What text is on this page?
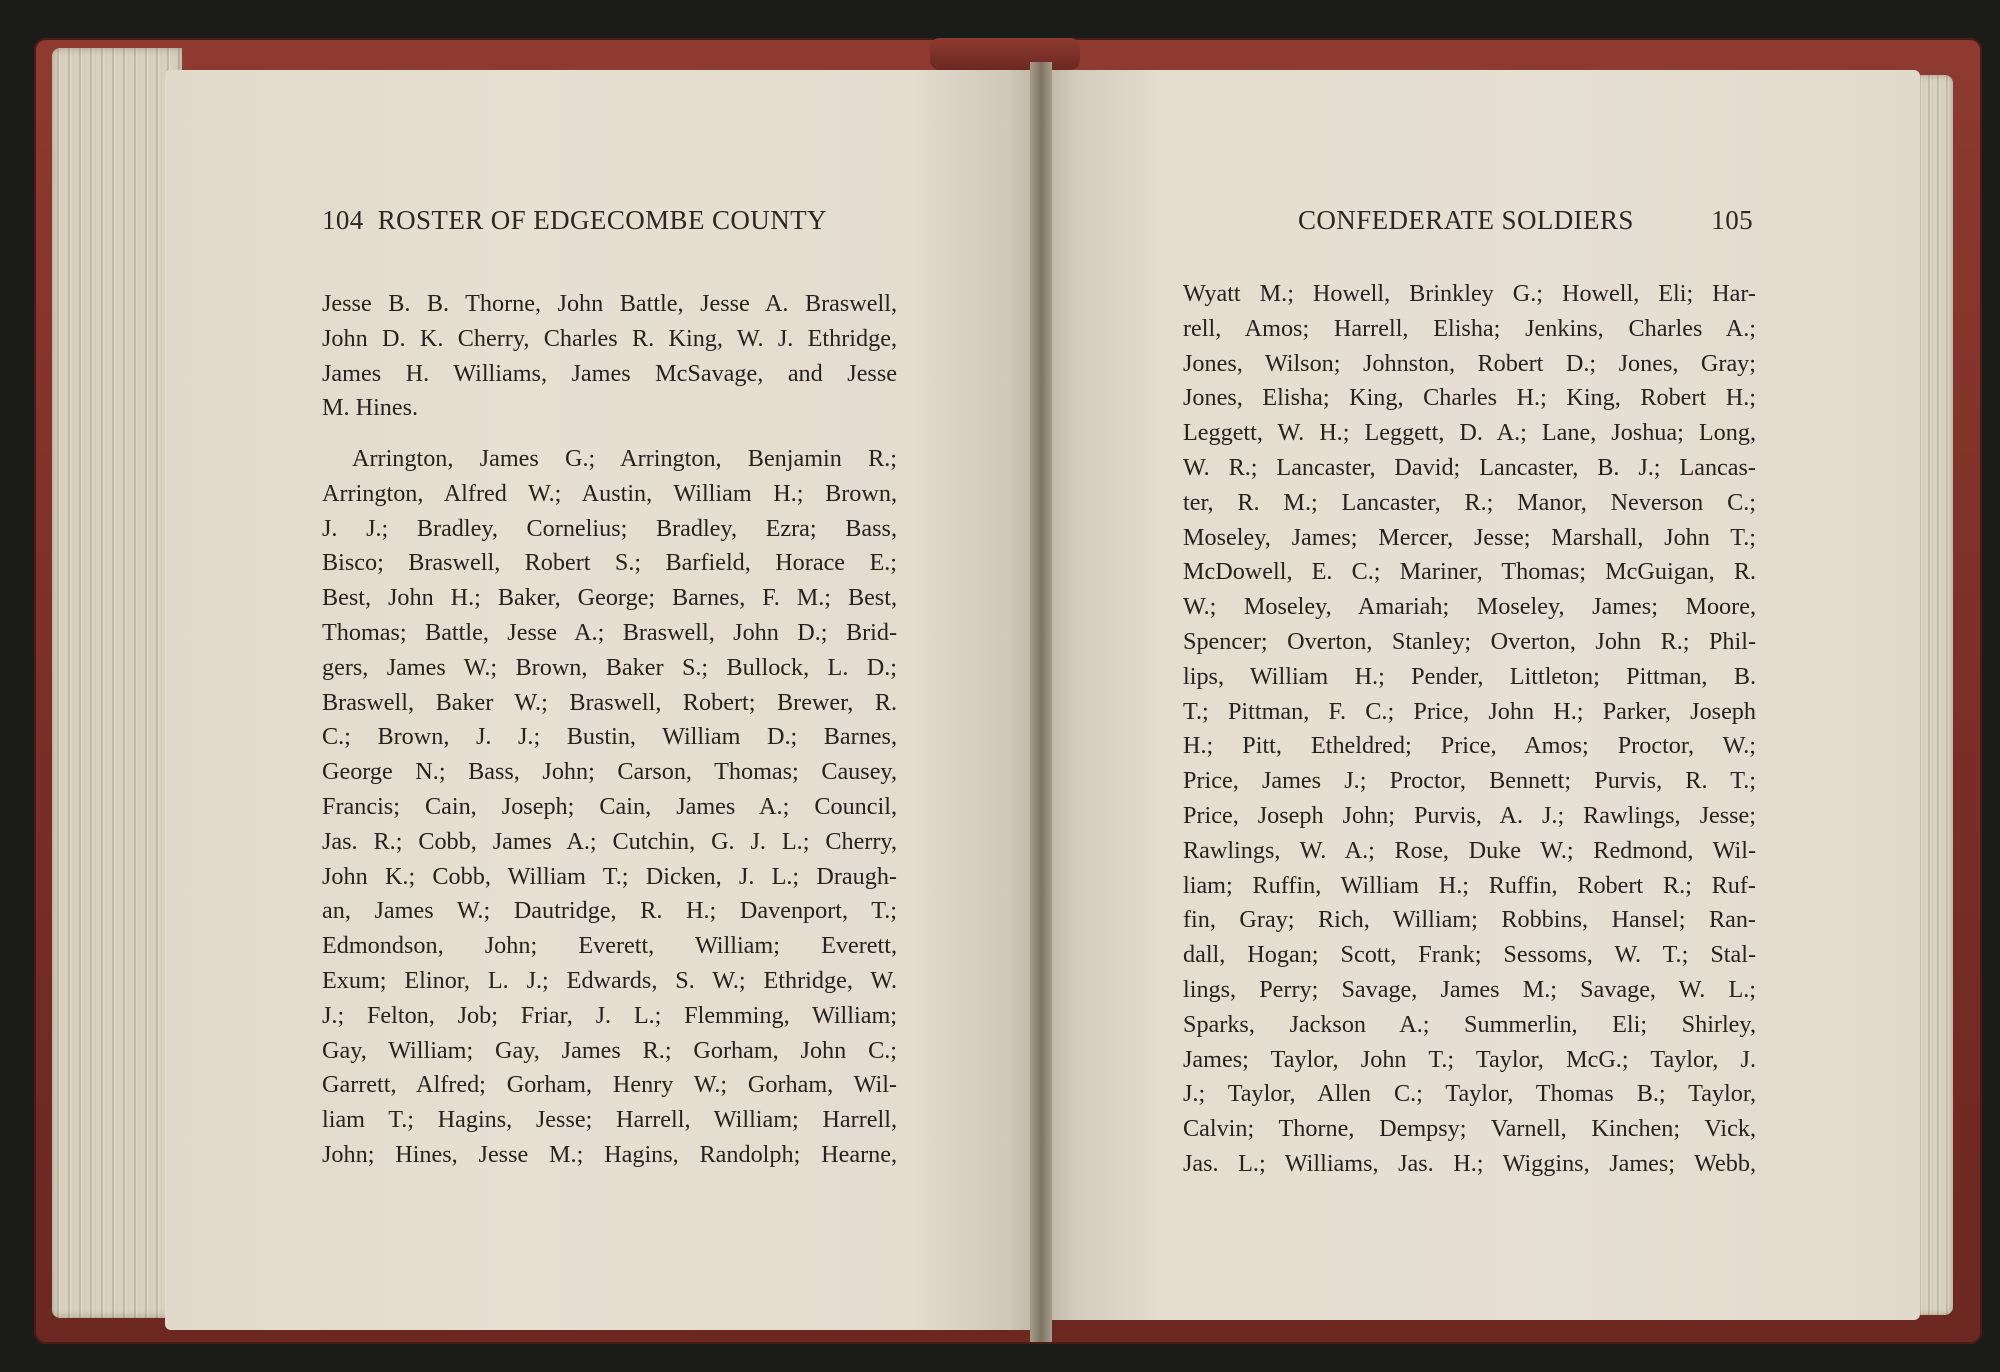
104 ROSTER OF EDGECOMBE COUNTY	CONFEDERATE SOLDIERS	105
Jesse B. B. Thorne, John Battle, Jesse A. Braswell,
John D. K. Cherry, Charles R. King, W. J. Ethridge,
James H. Williams, James McSavage, and Jesse
M. Hines.
Arrington, James G.; Arrington, Benjamin R.;
Arrington, Alfred W.; Austin, William H.; Brown,
J. J.; Bradley, Cornelius; Bradley, Ezra; Bass,
Bisco; Braswell, Robert S.; Barfield, Horace E.;
Best, John H.; Baker, George; Barnes, F. M.; Best,
Thomas; Battle, Jesse A.; Braswell, John D.; Brid-
gers, James W.; Brown, Baker S.; Bullock, L. D.;
Braswell, Baker W.; Braswell, Robert; Brewer, R.
C.; Brown, J. J.; Bustin, William D.; Barnes,
George N.; Bass, John; Carson, Thomas; Causey,
Francis; Cain, Joseph; Cain, James A.; Council,
Jas. R.; Cobb, James A.; Cutchin, G. J. L.; Cherry,
John K.; Cobb, William T.; Dicken, J. L.; Draugh-
an, James W.; Dautridge, R. H.; Davenport, T.;
Edmondson, John; Everett, William; Everett,
Exum; Elinor, L. J.; Edwards, S. W.; Ethridge, W.
J.; Felton, Job; Friar, J. L.; Flemming, William;
Gay, William; Gay, James R.; Gorham, John C.;
Garrett, Alfred; Gorham, Henry W.; Gorham, Wil-
liam T.; Hagins, Jesse; Harrell, William; Harrell,
John; Hines, Jesse M.; Hagins, Randolph; Hearne,
Wyatt M.; Howell, Brinkley G.; Howell, Eli; Har-
rell, Amos; Harrell, Elisha; Jenkins, Charles A.;
Jones, Wilson; Johnston, Robert D.; Jones, Gray;
Jones, Elisha; King, Charles H.; King, Robert H.;
Leggett, W. H.; Leggett, D. A.; Lane, Joshua; Long,
W. R.; Lancaster, David; Lancaster, B. J.; Lancas-
ter, R. M.; Lancaster, R.; Manor, Neverson C.;
Moseley, James; Mercer, Jesse; Marshall, John T.;
McDowell, E. C.; Mariner, Thomas; McGuigan, R.
W.; Moseley, Amariah; Moseley, James; Moore,
Spencer; Overton, Stanley; Overton, John R.; Phil-
lips, William H.; Pender, Littleton; Pittman, B.
T.; Pittman, F. C.; Price, John H.; Parker, Joseph
H.; Pitt, Etheldred; Price, Amos; Proctor, W.;
Price, James J.; Proctor, Bennett; Purvis, R. T.;
Price, Joseph John; Purvis, A. J.; Rawlings, Jesse;
Rawlings, W. A.; Rose, Duke W.; Redmond, Wil-
liam; Ruffin, William H.; Ruffin, Robert R.; Ruf-
fin, Gray; Rich, William; Robbins, Hansel; Ran-
dall, Hogan; Scott, Frank; Sessoms, W. T.; Stal-
lings, Perry; Savage, James M.; Savage, W. L.;
Sparks, Jackson A.; Summerlin, Eli; Shirley,
James; Taylor, John T.; Taylor, McG.; Taylor, J.
J.; Taylor, Allen C.; Taylor, Thomas B.; Taylor,
Calvin; Thorne, Dempsy; Varnell, Kinchen; Vick,
Jas. L.; Williams, Jas. H.; Wiggins, James; Webb,
